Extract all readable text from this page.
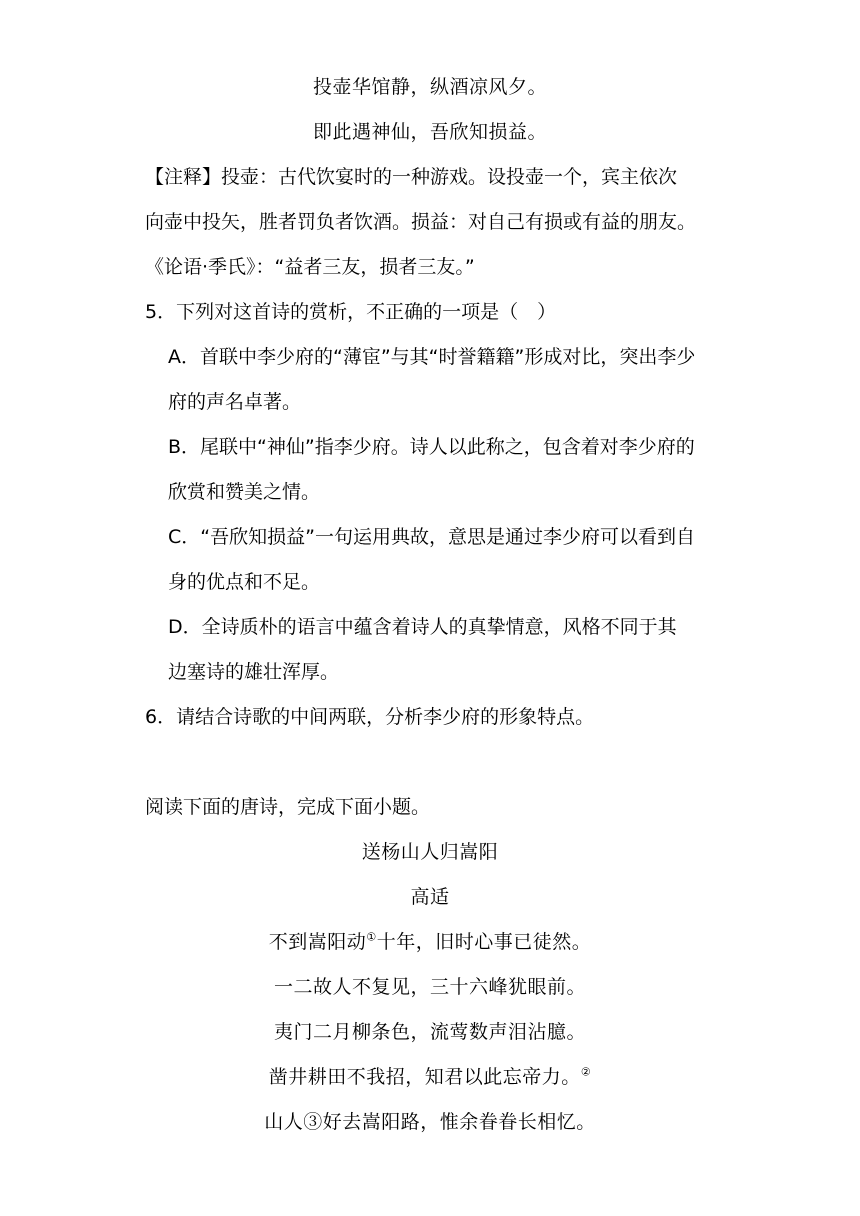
投壶华馆静，纵酒凉风夕。
即此遇神仙，吾欣知损益。
【注释】投壶：古代饮宴时的一种游戏。设投壶一个，宾主依次
向壶中投矢，胜者罚负者饮酒。损益：对自己有损或有益的朋友。
《论语·季氏》：“益者三友，损者三友。”
5．下列对这首诗的赏析，不正确的一项是（　）
A．首联中李少府的“薄宦”与其“时誉籍籍”形成对比，突出李少
府的声名卓著。
B．尾联中“神仙”指李少府。诗人以此称之，包含着对李少府的
欣赏和赞美之情。
C．“吾欣知损益”一句运用典故，意思是通过李少府可以看到自
身的优点和不足。
D．全诗质朴的语言中蕴含着诗人的真挚情意，风格不同于其
边塞诗的雄壮浑厚。
6．请结合诗歌的中间两联，分析李少府的形象特点。
阅读下面的唐诗，完成下面小题。
送杨山人归嵩阳
高适
不到嵩阳动①十年，旧时心事已徒然。
一二故人不复见，三十六峰犹眼前。
夷门二月柳条色，流莺数声泪沾臆。
凿井耕田不我招，知君以此忘帝力。②
山人③好去嵩阳路，惟余眷眷长相忆。
